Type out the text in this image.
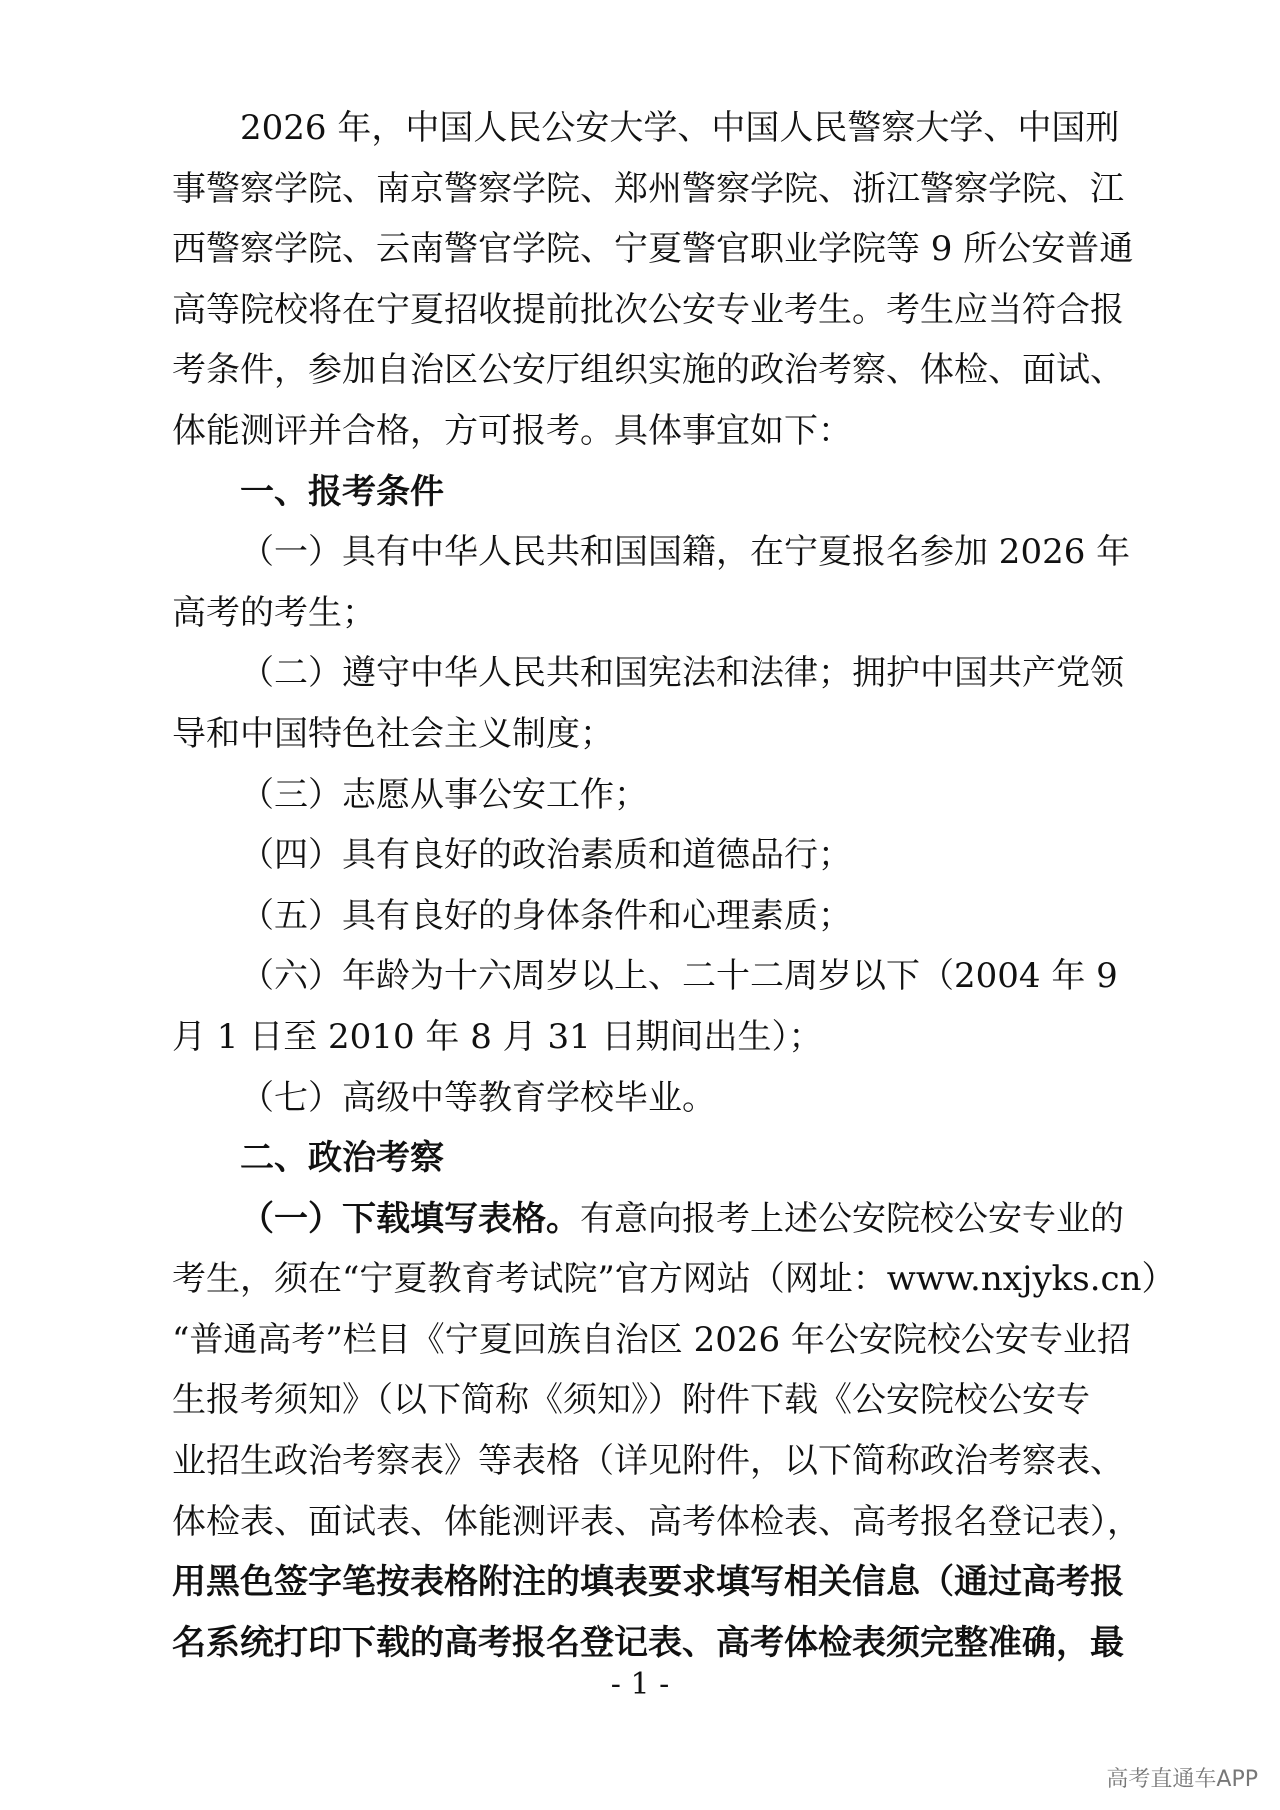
2026 年，中国人民公安大学、中国人民警察大学、中国刑
事警察学院、南京警察学院、郑州警察学院、浙江警察学院、江
西警察学院、云南警官学院、宁夏警官职业学院等 9 所公安普通
高等院校将在宁夏招收提前批次公安专业考生。考生应当符合报
考条件，参加自治区公安厅组织实施的政治考察、体检、面试、
体能测评并合格，方可报考。具体事宜如下：
一、报考条件
（一）具有中华人民共和国国籍，在宁夏报名参加 2026 年
高考的考生；
（二）遵守中华人民共和国宪法和法律；拥护中国共产党领
导和中国特色社会主义制度；
（三）志愿从事公安工作；
（四）具有良好的政治素质和道德品行；
（五）具有良好的身体条件和心理素质；
（六）年龄为十六周岁以上、二十二周岁以下（2004 年 9
月 1 日至 2010 年 8 月 31 日期间出生）；
（七）高级中等教育学校毕业。
二、政治考察
（一）下载填写表格。有意向报考上述公安院校公安专业的
考生，须在“宁夏教育考试院”官方网站（网址：www.nxjyks.cn）
“普通高考”栏目《宁夏回族自治区 2026 年公安院校公安专业招
生报考须知》（以下简称《须知》）附件下载《公安院校公安专
业招生政治考察表》等表格（详见附件，以下简称政治考察表、
体检表、面试表、体能测评表、高考体检表、高考报名登记表），
用黑色签字笔按表格附注的填表要求填写相关信息（通过高考报
名系统打印下载的高考报名登记表、高考体检表须完整准确，最
- 1 -
高考直通车APP
